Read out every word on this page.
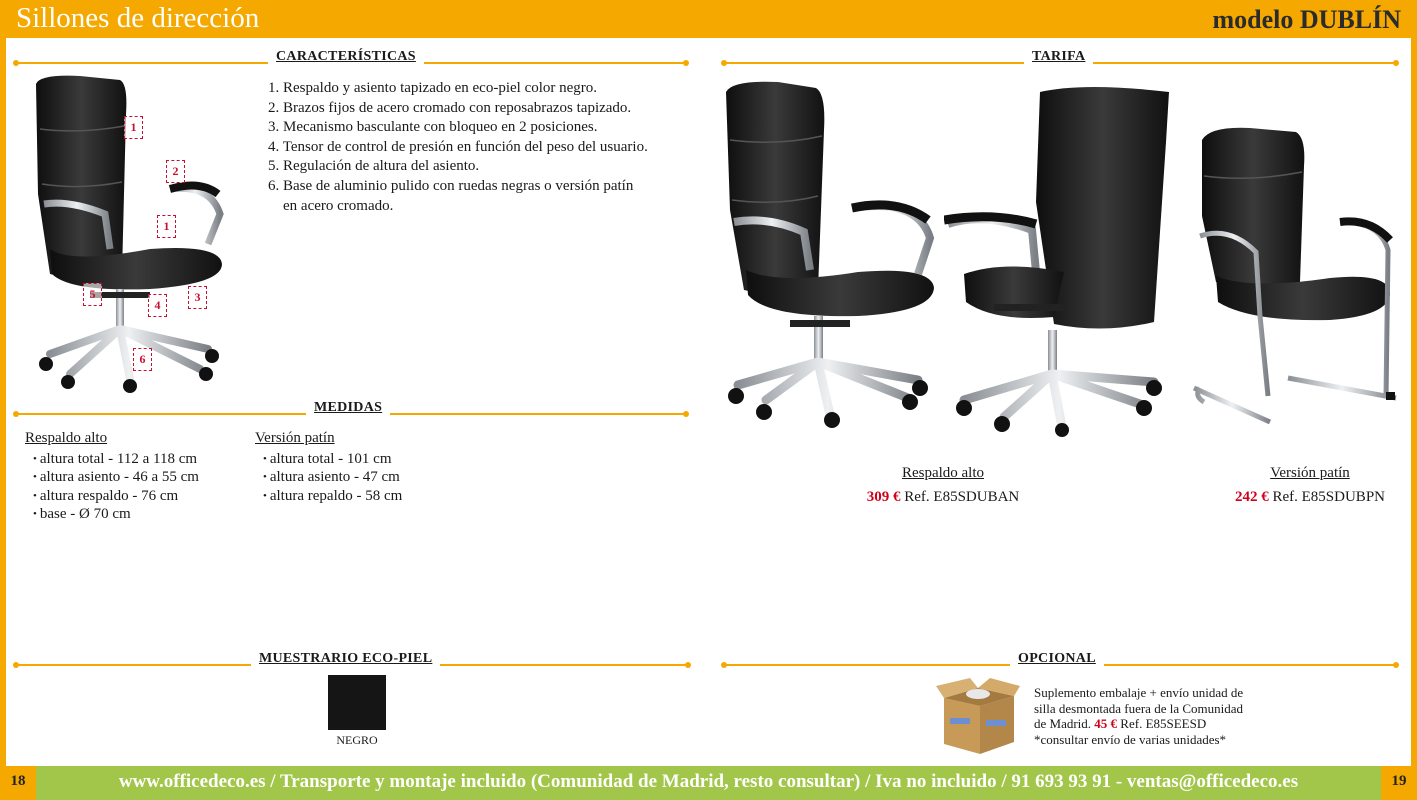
Sillones de dirección	modelo DUBLÍN
CARACTERÍSTICAS	TARIFA
MEDIDAS
MUESTRARIO ECO-PIEL	OPCIONAL
1. Respaldo y asiento tapizado en eco-piel color negro.
2. Brazos fijos de acero cromado con reposabrazos tapizado.
3. Mecanismo basculante con bloqueo en 2 posiciones.
4. Tensor de control de presión en función del peso del usuario.
5. Regulación de altura del asiento.
6. Base de aluminio pulido con ruedas negras o versión patín
en acero cromado.
1
2
1
5
4
3
6
Respaldo alto
• altura total - 112 a 118 cm
• altura asiento - 46 a 55 cm
• altura respaldo - 76 cm
• base - Ø 70 cm
Versión patín
• altura total - 101 cm
• altura asiento - 47 cm
• altura repaldo - 58 cm
Respaldo alto
309 € Ref. E85SDUBAN
Versión patín
242 € Ref. E85SDUBPN
NEGRO
Suplemento embalaje + envío unidad de
silla desmontada fuera de la Comunidad
de Madrid. 45 € Ref. E85SEESD
*consultar envío de varias unidades*
18	www.officedeco.es / Transporte y montaje incluido (Comunidad de Madrid, resto consultar) / Iva no incluido / 91 693 93 91 - ventas@officedeco.es	19
